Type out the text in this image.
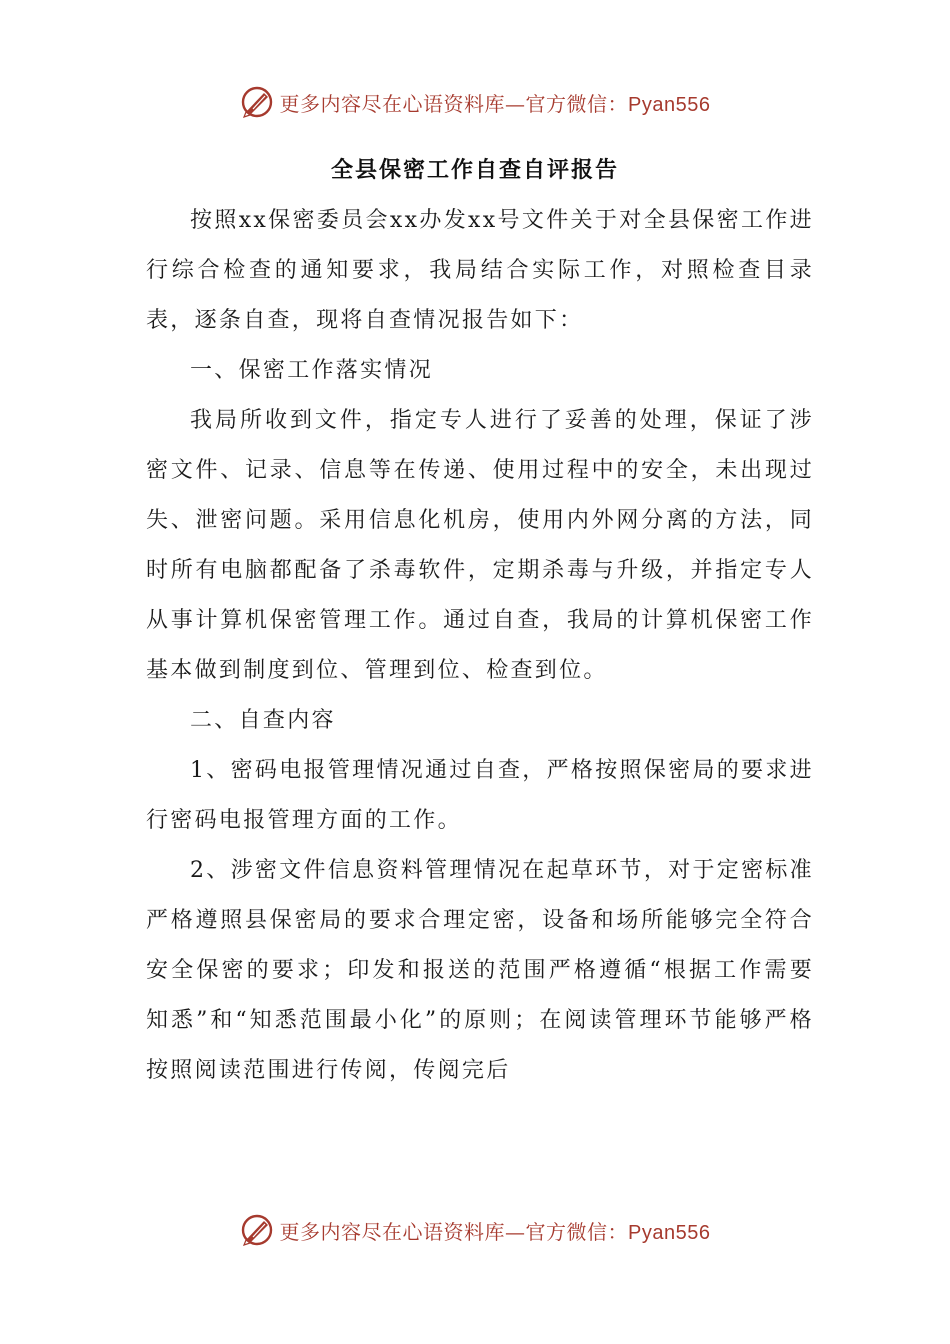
更多内容尽在心语资料库—官方微信：Pyan556
全县保密工作自查自评报告

按照xx保密委员会xx办发xx号文件关于对全县保密工作进行综合检查的通知要求，我局结合实际工作，对照检查目录表，逐条自查，现将自查情况报告如下：

一、保密工作落实情况

我局所收到文件，指定专人进行了妥善的处理，保证了涉密文件、记录、信息等在传递、使用过程中的安全，未出现过失、泄密问题。采用信息化机房，使用内外网分离的方法，同时所有电脑都配备了杀毒软件，定期杀毒与升级，并指定专人从事计算机保密管理工作。通过自查，我局的计算机保密工作基本做到制度到位、管理到位、检查到位。

二、自查内容

1、密码电报管理情况通过自查，严格按照保密局的要求进行密码电报管理方面的工作。

2、涉密文件信息资料管理情况在起草环节，对于定密标准严格遵照县保密局的要求合理定密，设备和场所能够完全符合安全保密的要求；印发和报送的范围严格遵循“根据工作需要知悉”和“知悉范围最小化”的原则；在阅读管理环节能够严格按照阅读范围进行传阅，传阅完后

更多内容尽在心语资料库—官方微信：Pyan556
